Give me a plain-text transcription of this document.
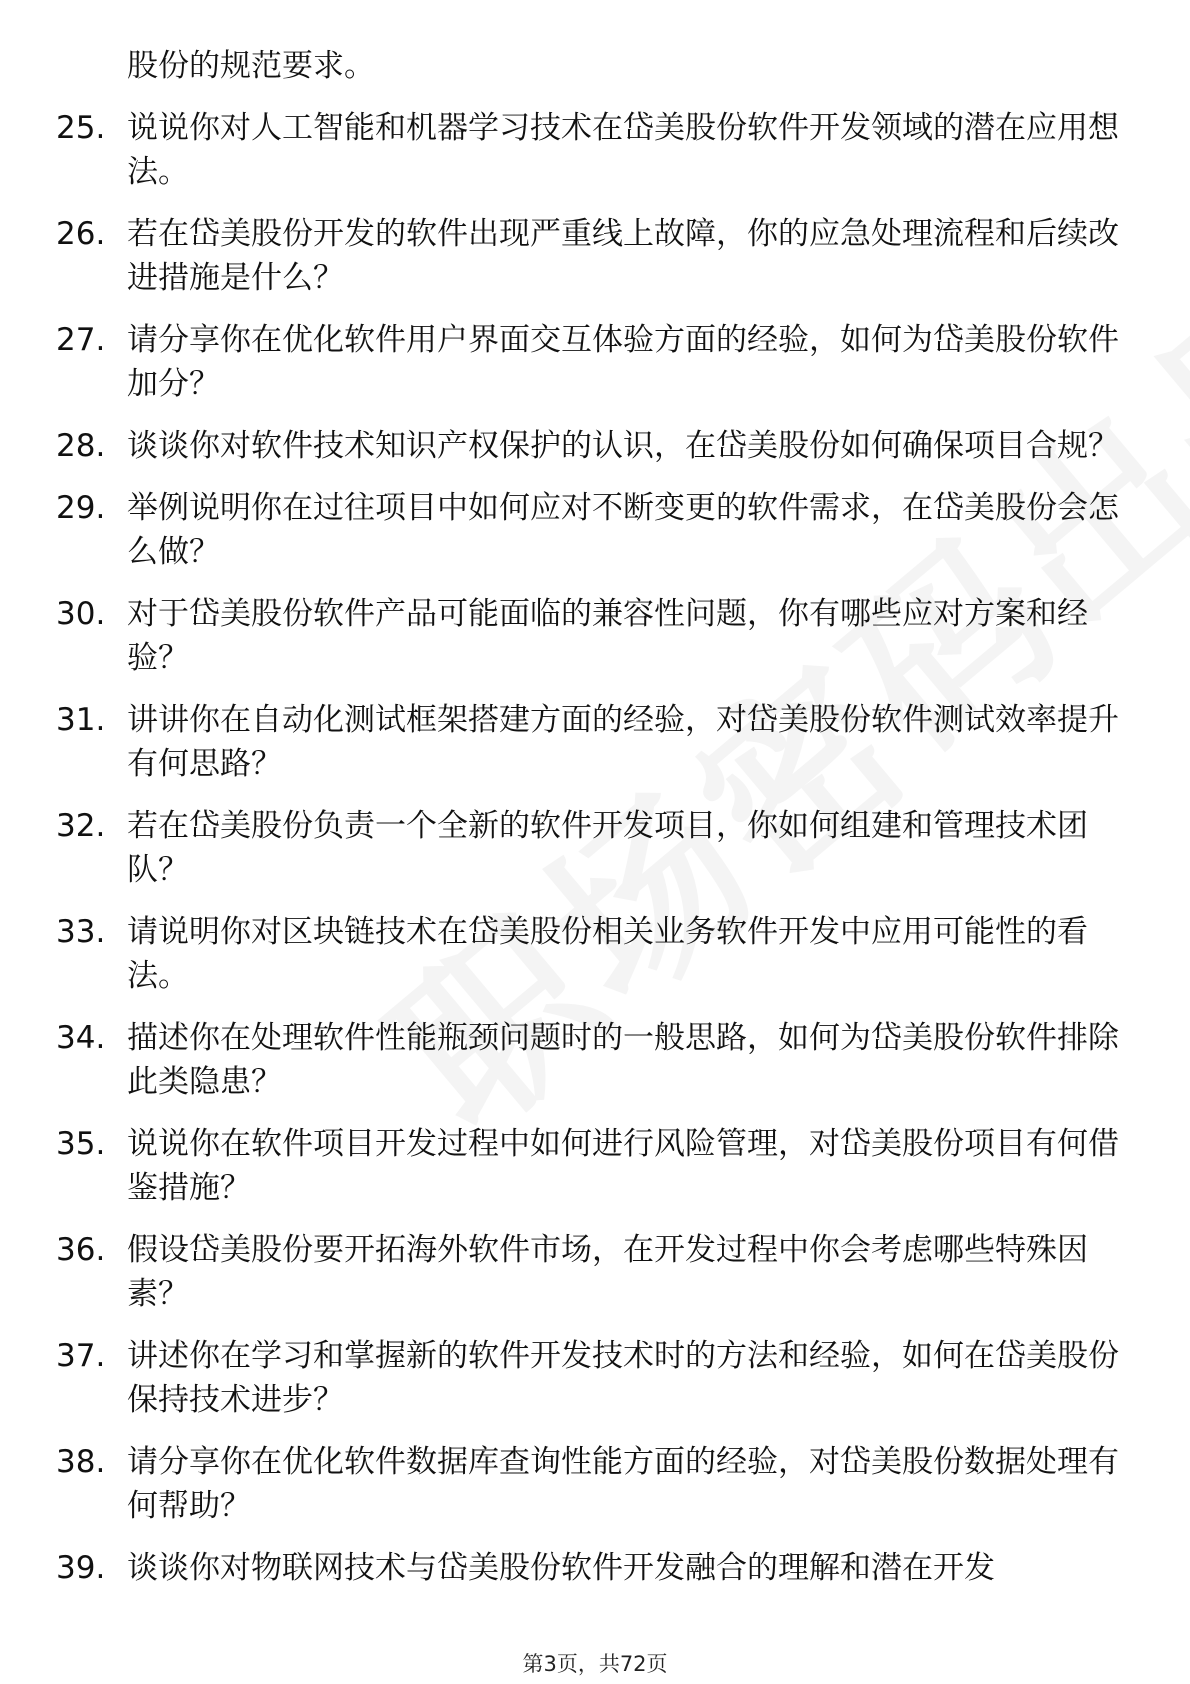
股份的规范要求。
25. 说说你对人工智能和机器学习技术在岱美股份软件开发领域的潜在应用想法。
26. 若在岱美股份开发的软件出现严重线上故障，你的应急处理流程和后续改进措施是什么？
27. 请分享你在优化软件用户界面交互体验方面的经验，如何为岱美股份软件加分？
28. 谈谈你对软件技术知识产权保护的认识，在岱美股份如何确保项目合规？
29. 举例说明你在过往项目中如何应对不断变更的软件需求，在岱美股份会怎么做？
30. 对于岱美股份软件产品可能面临的兼容性问题，你有哪些应对方案和经验？
31. 讲讲你在自动化测试框架搭建方面的经验，对岱美股份软件测试效率提升有何思路？
32. 若在岱美股份负责一个全新的软件开发项目，你如何组建和管理技术团队？
33. 请说明你对区块链技术在岱美股份相关业务软件开发中应用可能性的看法。
34. 描述你在处理软件性能瓶颈问题时的一般思路，如何为岱美股份软件排除此类隐患？
35. 说说你在软件项目开发过程中如何进行风险管理，对岱美股份项目有何借鉴措施？
36. 假设岱美股份要开拓海外软件市场，在开发过程中你会考虑哪些特殊因素？
37. 讲述你在学习和掌握新的软件开发技术时的方法和经验，如何在岱美股份保持技术进步？
38. 请分享你在优化软件数据库查询性能方面的经验，对岱美股份数据处理有何帮助？
39. 谈谈你对物联网技术与岱美股份软件开发融合的理解和潜在开发
第3页，共72页
